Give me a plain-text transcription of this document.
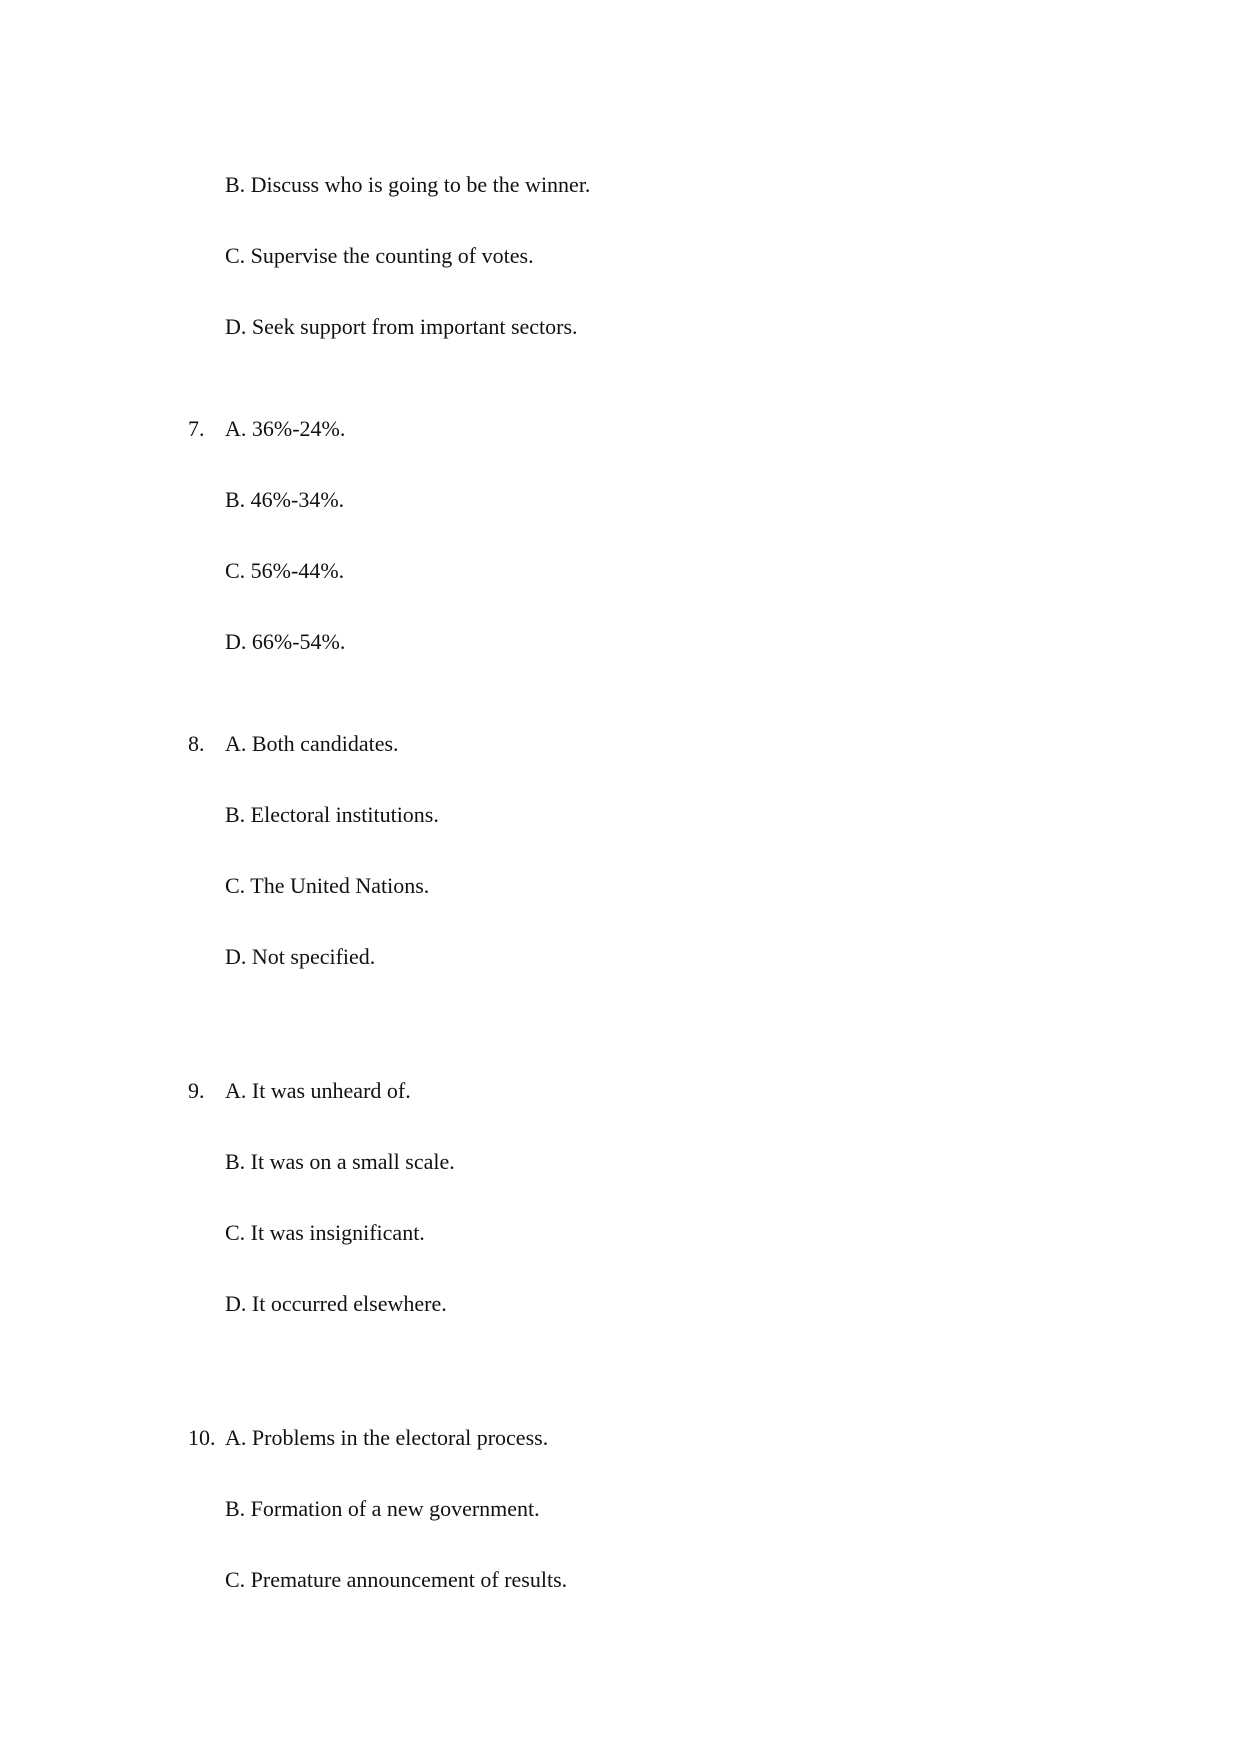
B. Discuss who is going to be the winner.
C. Supervise the counting of votes.
D. Seek support from important sectors.
7. A. 36%-24%.
B. 46%-34%.
C. 56%-44%.
D. 66%-54%.
8. A. Both candidates.
B. Electoral institutions.
C. The United Nations.
D. Not specified.
9. A. It was unheard of.
B. It was on a small scale.
C. It was insignificant.
D. It occurred elsewhere.
10. A. Problems in the electoral process.
B. Formation of a new government.
C. Premature announcement of results.
